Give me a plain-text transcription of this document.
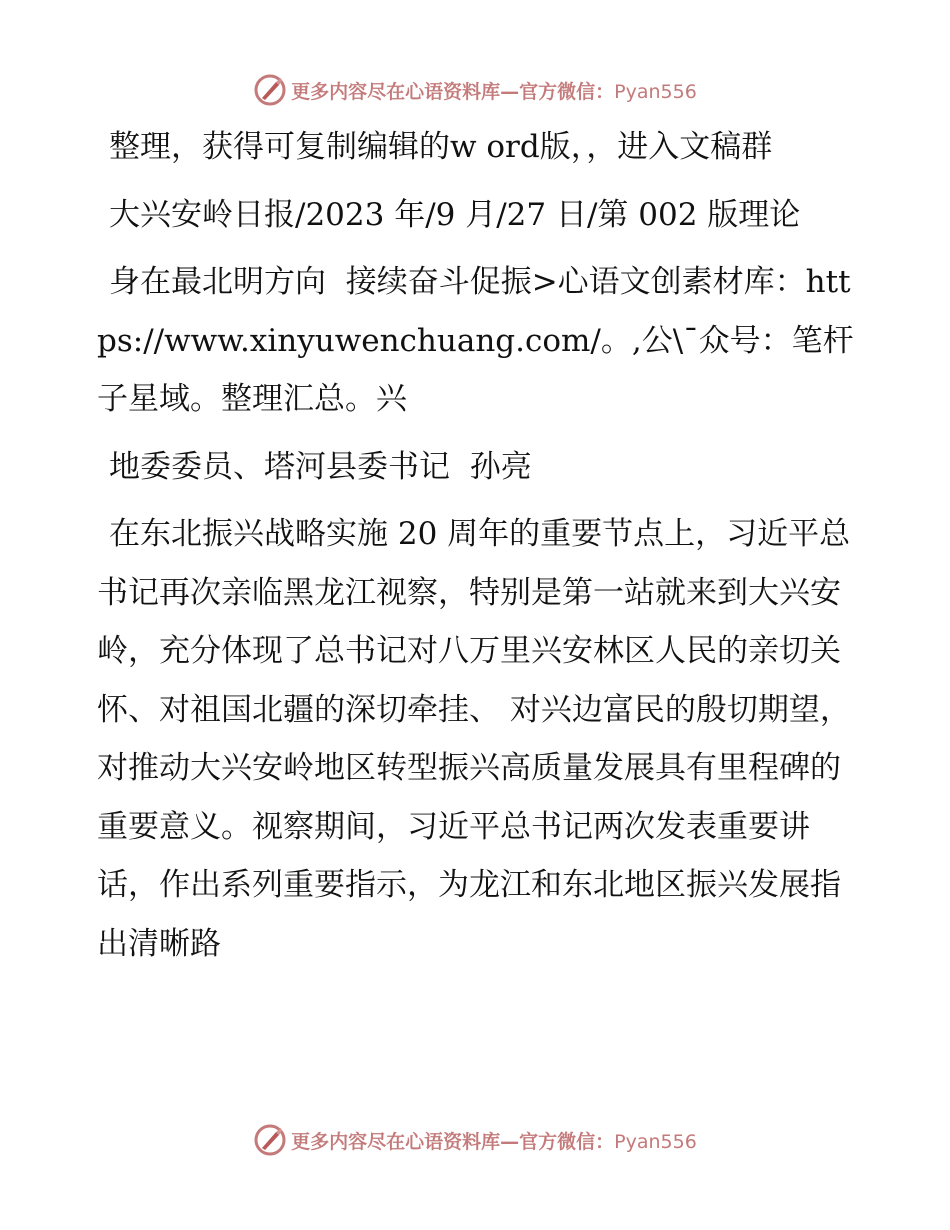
更多内容尽在心语资料库—官方微信：Pyan556

整理，获得可复制编辑的w ord版，，进入文稿群

大兴安岭日报/2023 年/9 月/27 日/第 002 版理论

身在最北明方向  接续奋斗促振>心语文创素材库：https://www.xinyuwenchuang.com/。,公\¯众号：笔杆子星域。整理汇总。兴

地委委员、塔河县委书记  孙亮

在东北振兴战略实施 20 周年的重要节点上，习近平总书记再次亲临黑龙江视察，特别是第一站就来到大兴安岭，充分体现了总书记对八万里兴安林区人民的亲切关怀、对祖国北疆的深切牵挂、 对兴边富民的殷切期望， 对推动大兴安岭地区转型振兴高质量发展具有里程碑的重要意义。视察期间，习近平总书记两次发表重要讲话，作出系列重要指示，为龙江和东北地区振兴发展指出清晰路

更多内容尽在心语资料库—官方微信：Pyan556
